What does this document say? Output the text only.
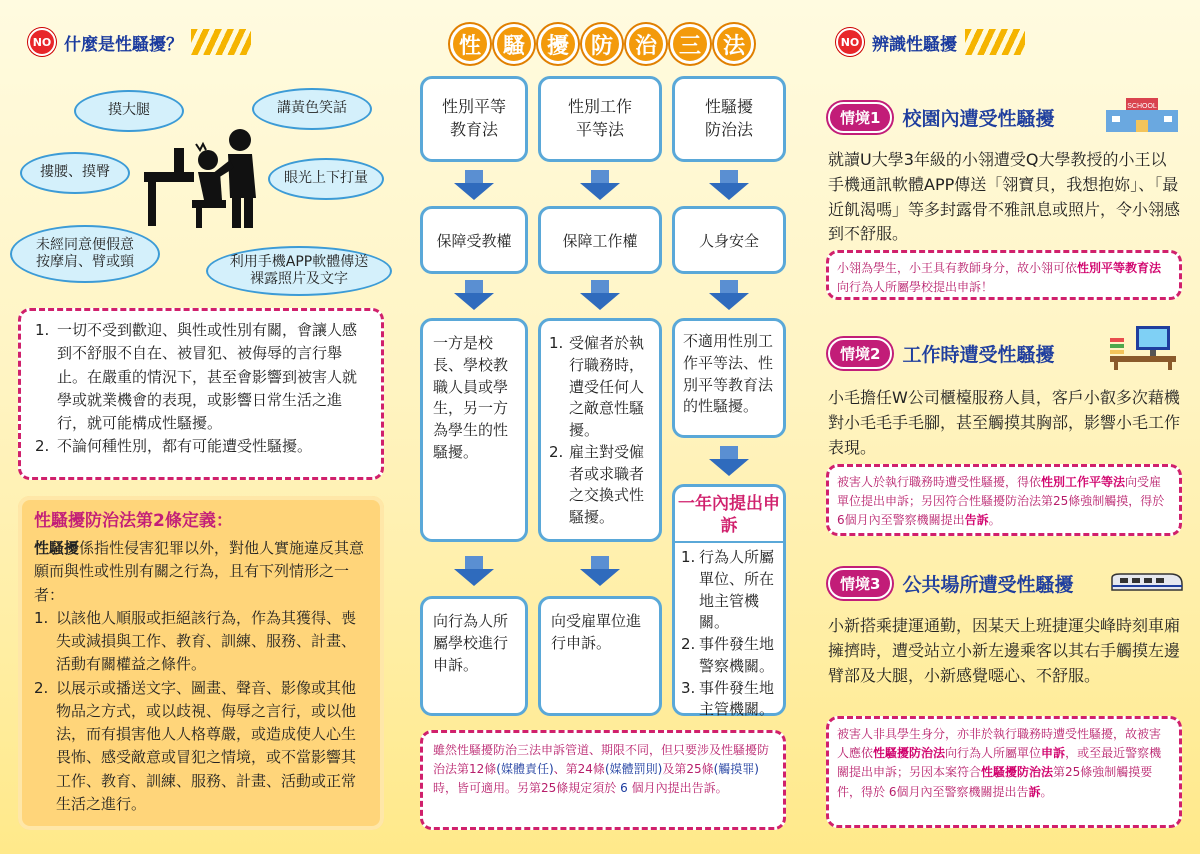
NO 什麼是性騷擾？
摸大腿	講黃色笑話
摟腰、摸臀	眼光上下打量
未經同意便假意
按摩肩、臂或頸	利用手機APP軟體傳送
裸露照片及文字
1. 一切不受到歡迎、與性或性別有關，會讓人感到不舒服不自在、被冒犯、被侮辱的言行舉止。在嚴重的情況下，甚至會影響到被害人就學或就業機會的表現，或影響日常生活之進行，就可能構成性騷擾。
2. 不論何種性別，都有可能遭受性騷擾。
性騷擾防治法第2條定義：
性騷擾係指性侵害犯罪以外，對他人實施違反其意願而與性或性別有關之行為，且有下列情形之一者：
1. 以該他人順服或拒絕該行為，作為其獲得、喪失或減損與工作、教育、訓練、服務、計畫、活動有關權益之條件。
2. 以展示或播送文字、圖畫、聲音、影像或其他物品之方式，或以歧視、侮辱之言行，或以他法，而有損害他人人格尊嚴，或造成使人心生畏怖、感受敵意或冒犯之情境，或不當影響其工作、教育、訓練、服務、計畫、活動或正常生活之進行。
性 騷 擾 防 治 三 法
性別平等
教育法
性別工作
平等法
性騷擾
防治法
保障受教權	保障工作權	人身安全
一方是校長、學校教職人員或學生，另一方為學生的性騷擾。
1. 受僱者於執行職務時，遭受任何人之敵意性騷擾。
2. 雇主對受僱者或求職者之交換式性騷擾。
不適用性別工作平等法、性別平等教育法的性騷擾。
一年內提出申訴
1. 行為人所屬單位、所在地主管機關。
2. 事件發生地警察機關。
3. 事件發生地主管機關。
向行為人所屬學校進行申訴。
向受雇單位進行申訴。
雖然性騷擾防治三法申訴管道、期限不同，但只要涉及性騷擾防治法第12條(媒體責任)、第24條(媒體罰則)及第25條(觸摸罪)時，皆可適用。另第25條規定須於 6 個月內提出告訴。
NO 辨識性騷擾
情境1	校園內遭受性騷擾
SCHOOL
就讀U大學3年級的小翎遭受Q大學教授的小王以手機通訊軟體APP傳送「翎寶貝，我想抱妳」、「最近飢渴嗎」等多封露骨不雅訊息或照片，令小翎感到不舒服。
小翎為學生，小王具有教師身分，故小翎可依性別平等教育法向行為人所屬學校提出申訴！
情境2	工作時遭受性騷擾
小毛擔任W公司櫃檯服務人員，客戶小叡多次藉機對小毛毛手毛腳，甚至觸摸其胸部，影響小毛工作表現。
被害人於執行職務時遭受性騷擾，得依性別工作平等法向受雇單位提出申訴；另因符合性騷擾防治法第25條強制觸摸，得於6個月內至警察機關提出告訴。
情境3	公共場所遭受性騷擾
小新搭乘捷運通勤，因某天上班捷運尖峰時刻車廂擁擠時，遭受站立小新左邊乘客以其右手觸摸左邊臂部及大腿，小新感覺噁心、不舒服。
被害人非具學生身分，亦非於執行職務時遭受性騷擾，故被害人應依性騷擾防治法向行為人所屬單位申訴，或至最近警察機關提出申訴；另因本案符合性騷擾防治法第25條強制觸摸要件，得於 6個月內至警察機關提出告訴。
